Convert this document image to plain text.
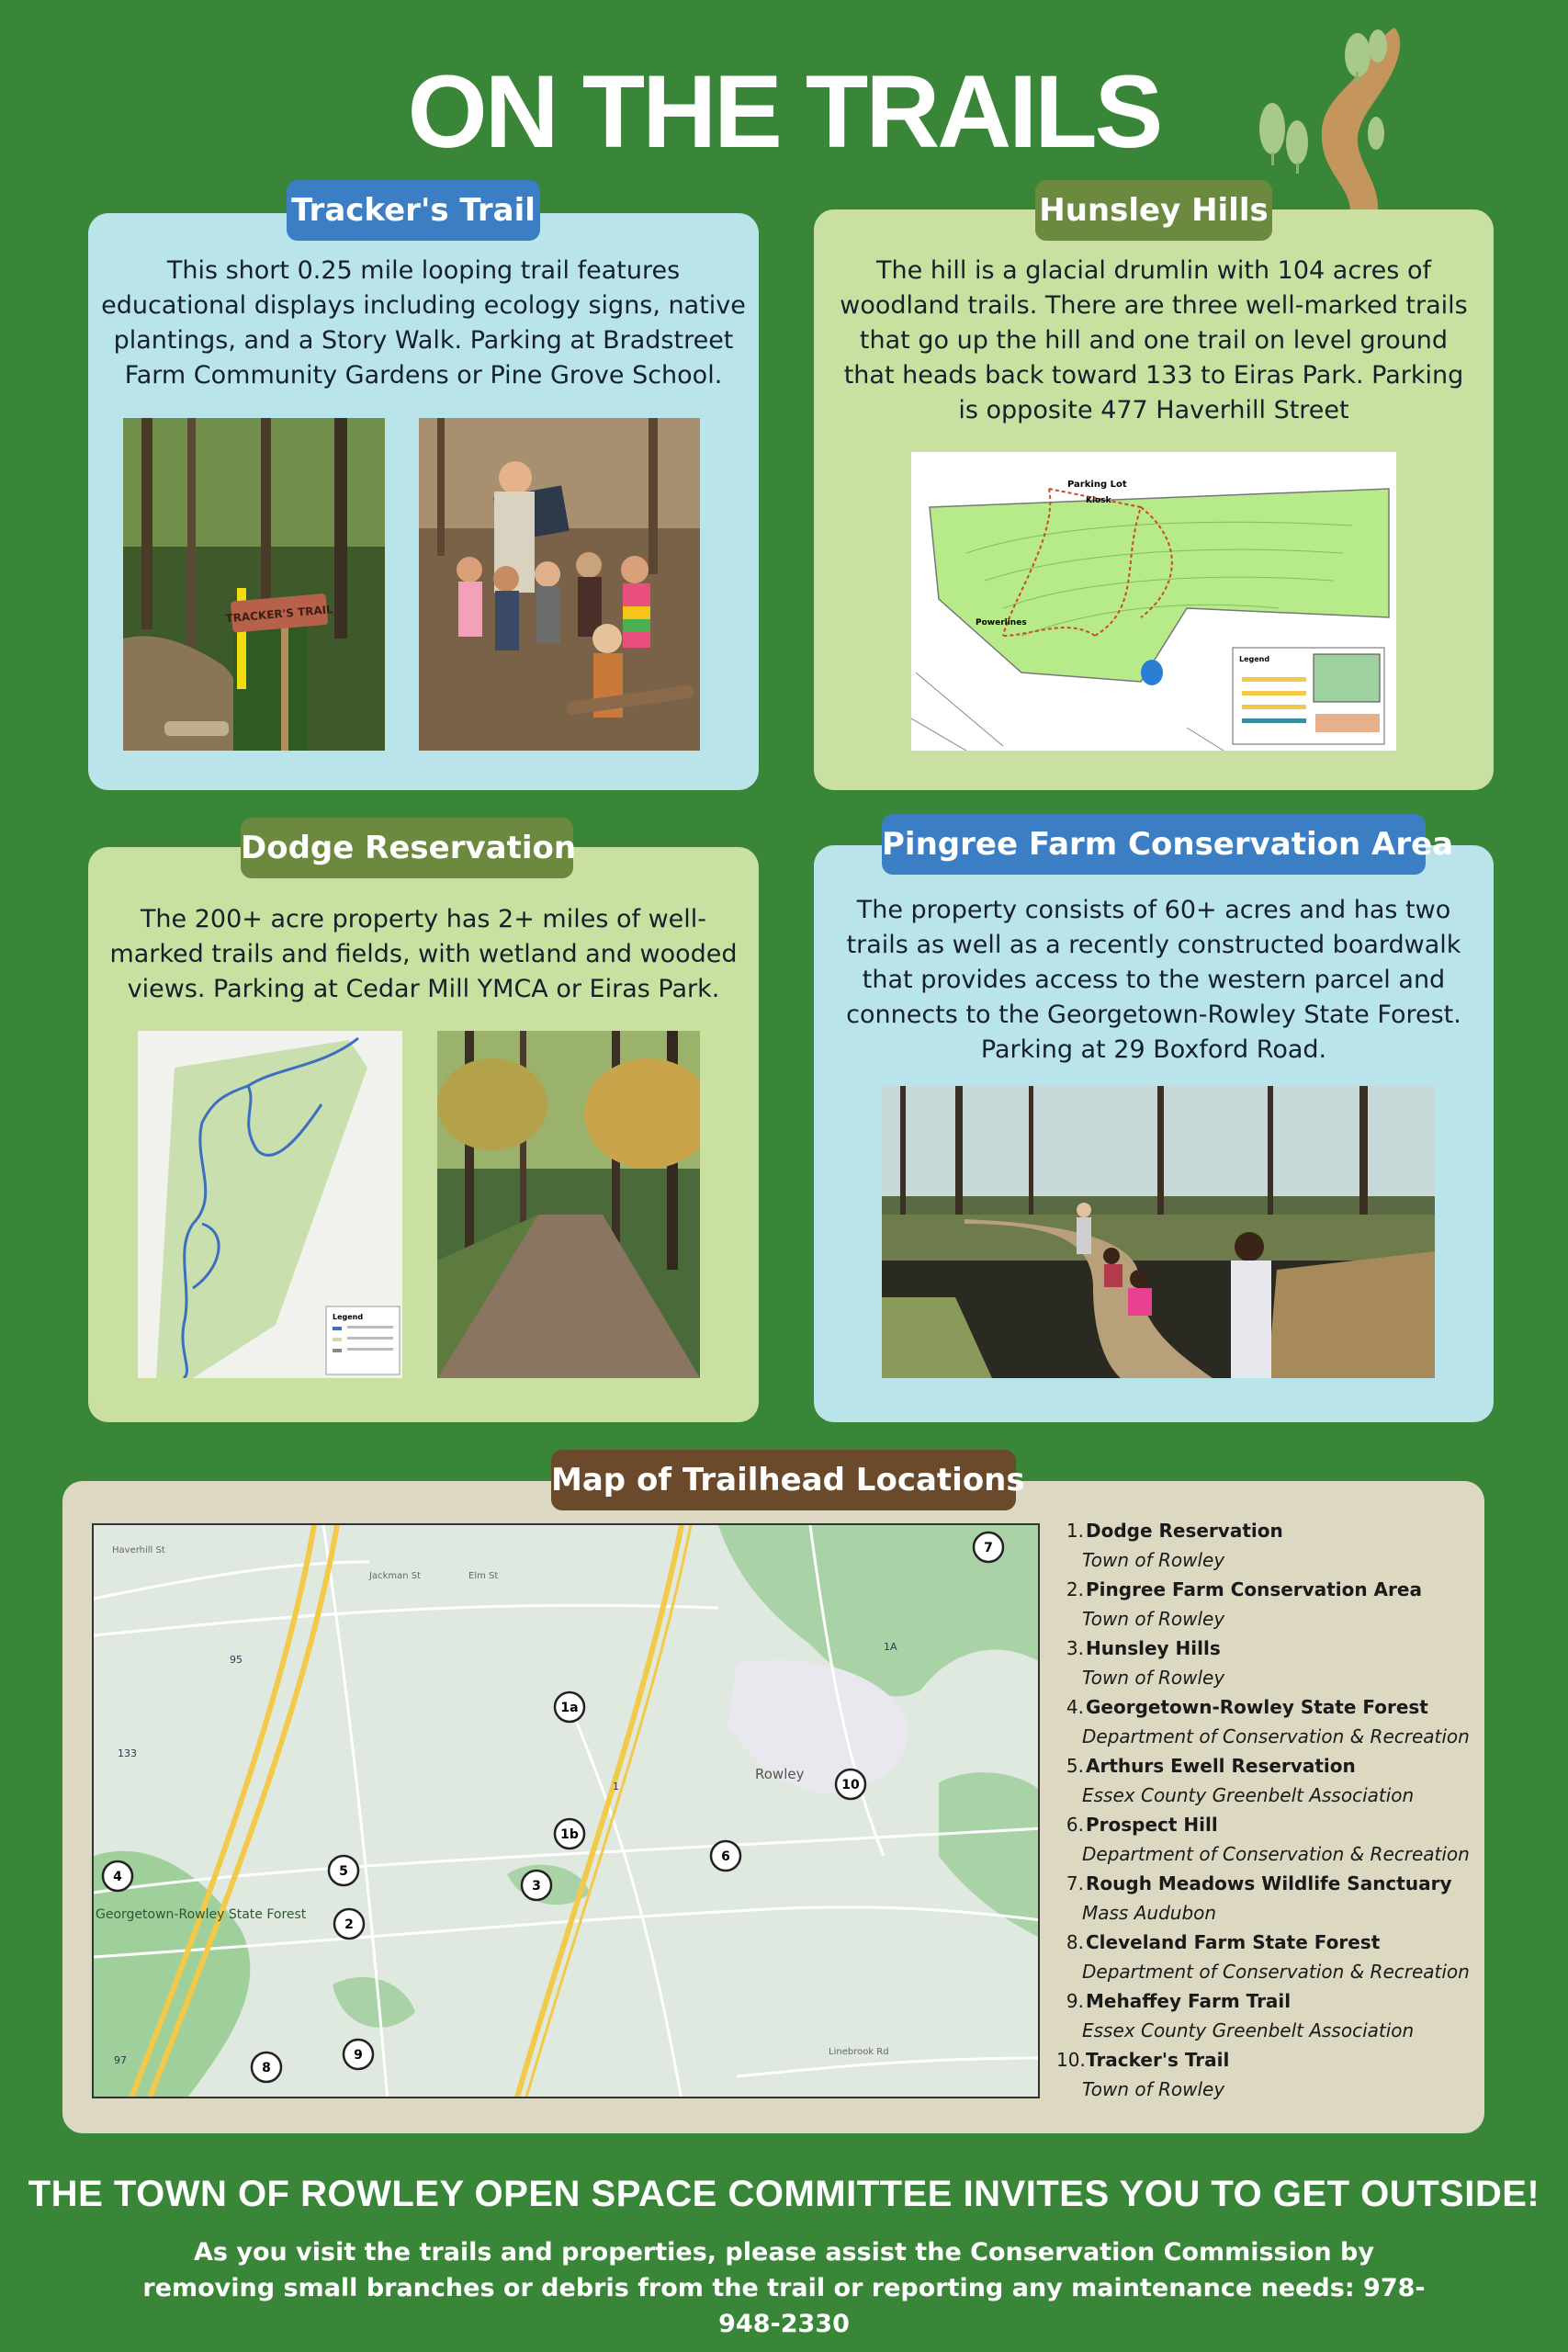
ON THE TRAILS
Tracker's Trail
This short 0.25 mile looping trail features educational displays including ecology signs, native plantings, and a Story Walk. Parking at Bradstreet Farm Community Gardens or Pine Grove School.
TRACKER'S TRAIL
Hunsley Hills
The hill is a glacial drumlin with 104 acres of woodland trails. There are three well-marked trails that go up the hill and one trail on level ground that heads back toward 133 to Eiras Park. Parking is opposite 477 Haverhill Street
Parking Lot
Kiosk
Powerlines
Legend
Dodge Reservation
The 200+ acre property has 2+ miles of well-marked trails and fields, with wetland and wooded views. Parking at Cedar Mill YMCA or Eiras Park.
Legend
Pingree Farm Conservation Area
The property consists of 60+ acres and has two trails as well as a recently constructed boardwalk that provides access to the western parcel and connects to the Georgetown-Rowley State Forest. Parking at 29 Boxford Road.
Map of Trailhead Locations
Rowley
Georgetown-Rowley State Forest
95
1
133
1A
97
Jackman St	Elm St
Linebrook Rd
Haverhill St
1a
1b
2
3
4	5
6
7
8
9
10
1. Dodge Reservation
Town of Rowley
2. Pingree Farm Conservation Area
Town of Rowley
3. Hunsley Hills
Town of Rowley
4. Georgetown-Rowley State Forest
Department of Conservation & Recreation
5. Arthurs Ewell Reservation
Essex County Greenbelt Association
6. Prospect Hill
Department of Conservation & Recreation
7. Rough Meadows Wildlife Sanctuary
Mass Audubon
8. Cleveland Farm State Forest
Department of Conservation & Recreation
9. Mehaffey Farm Trail
Essex County Greenbelt Association
10. Tracker's Trail
Town of Rowley
THE TOWN OF ROWLEY OPEN SPACE COMMITTEE INVITES YOU TO GET OUTSIDE!
As you visit the trails and properties, please assist the Conservation Commission by removing small branches or debris from the trail or reporting any maintenance needs: 978-948-2330
